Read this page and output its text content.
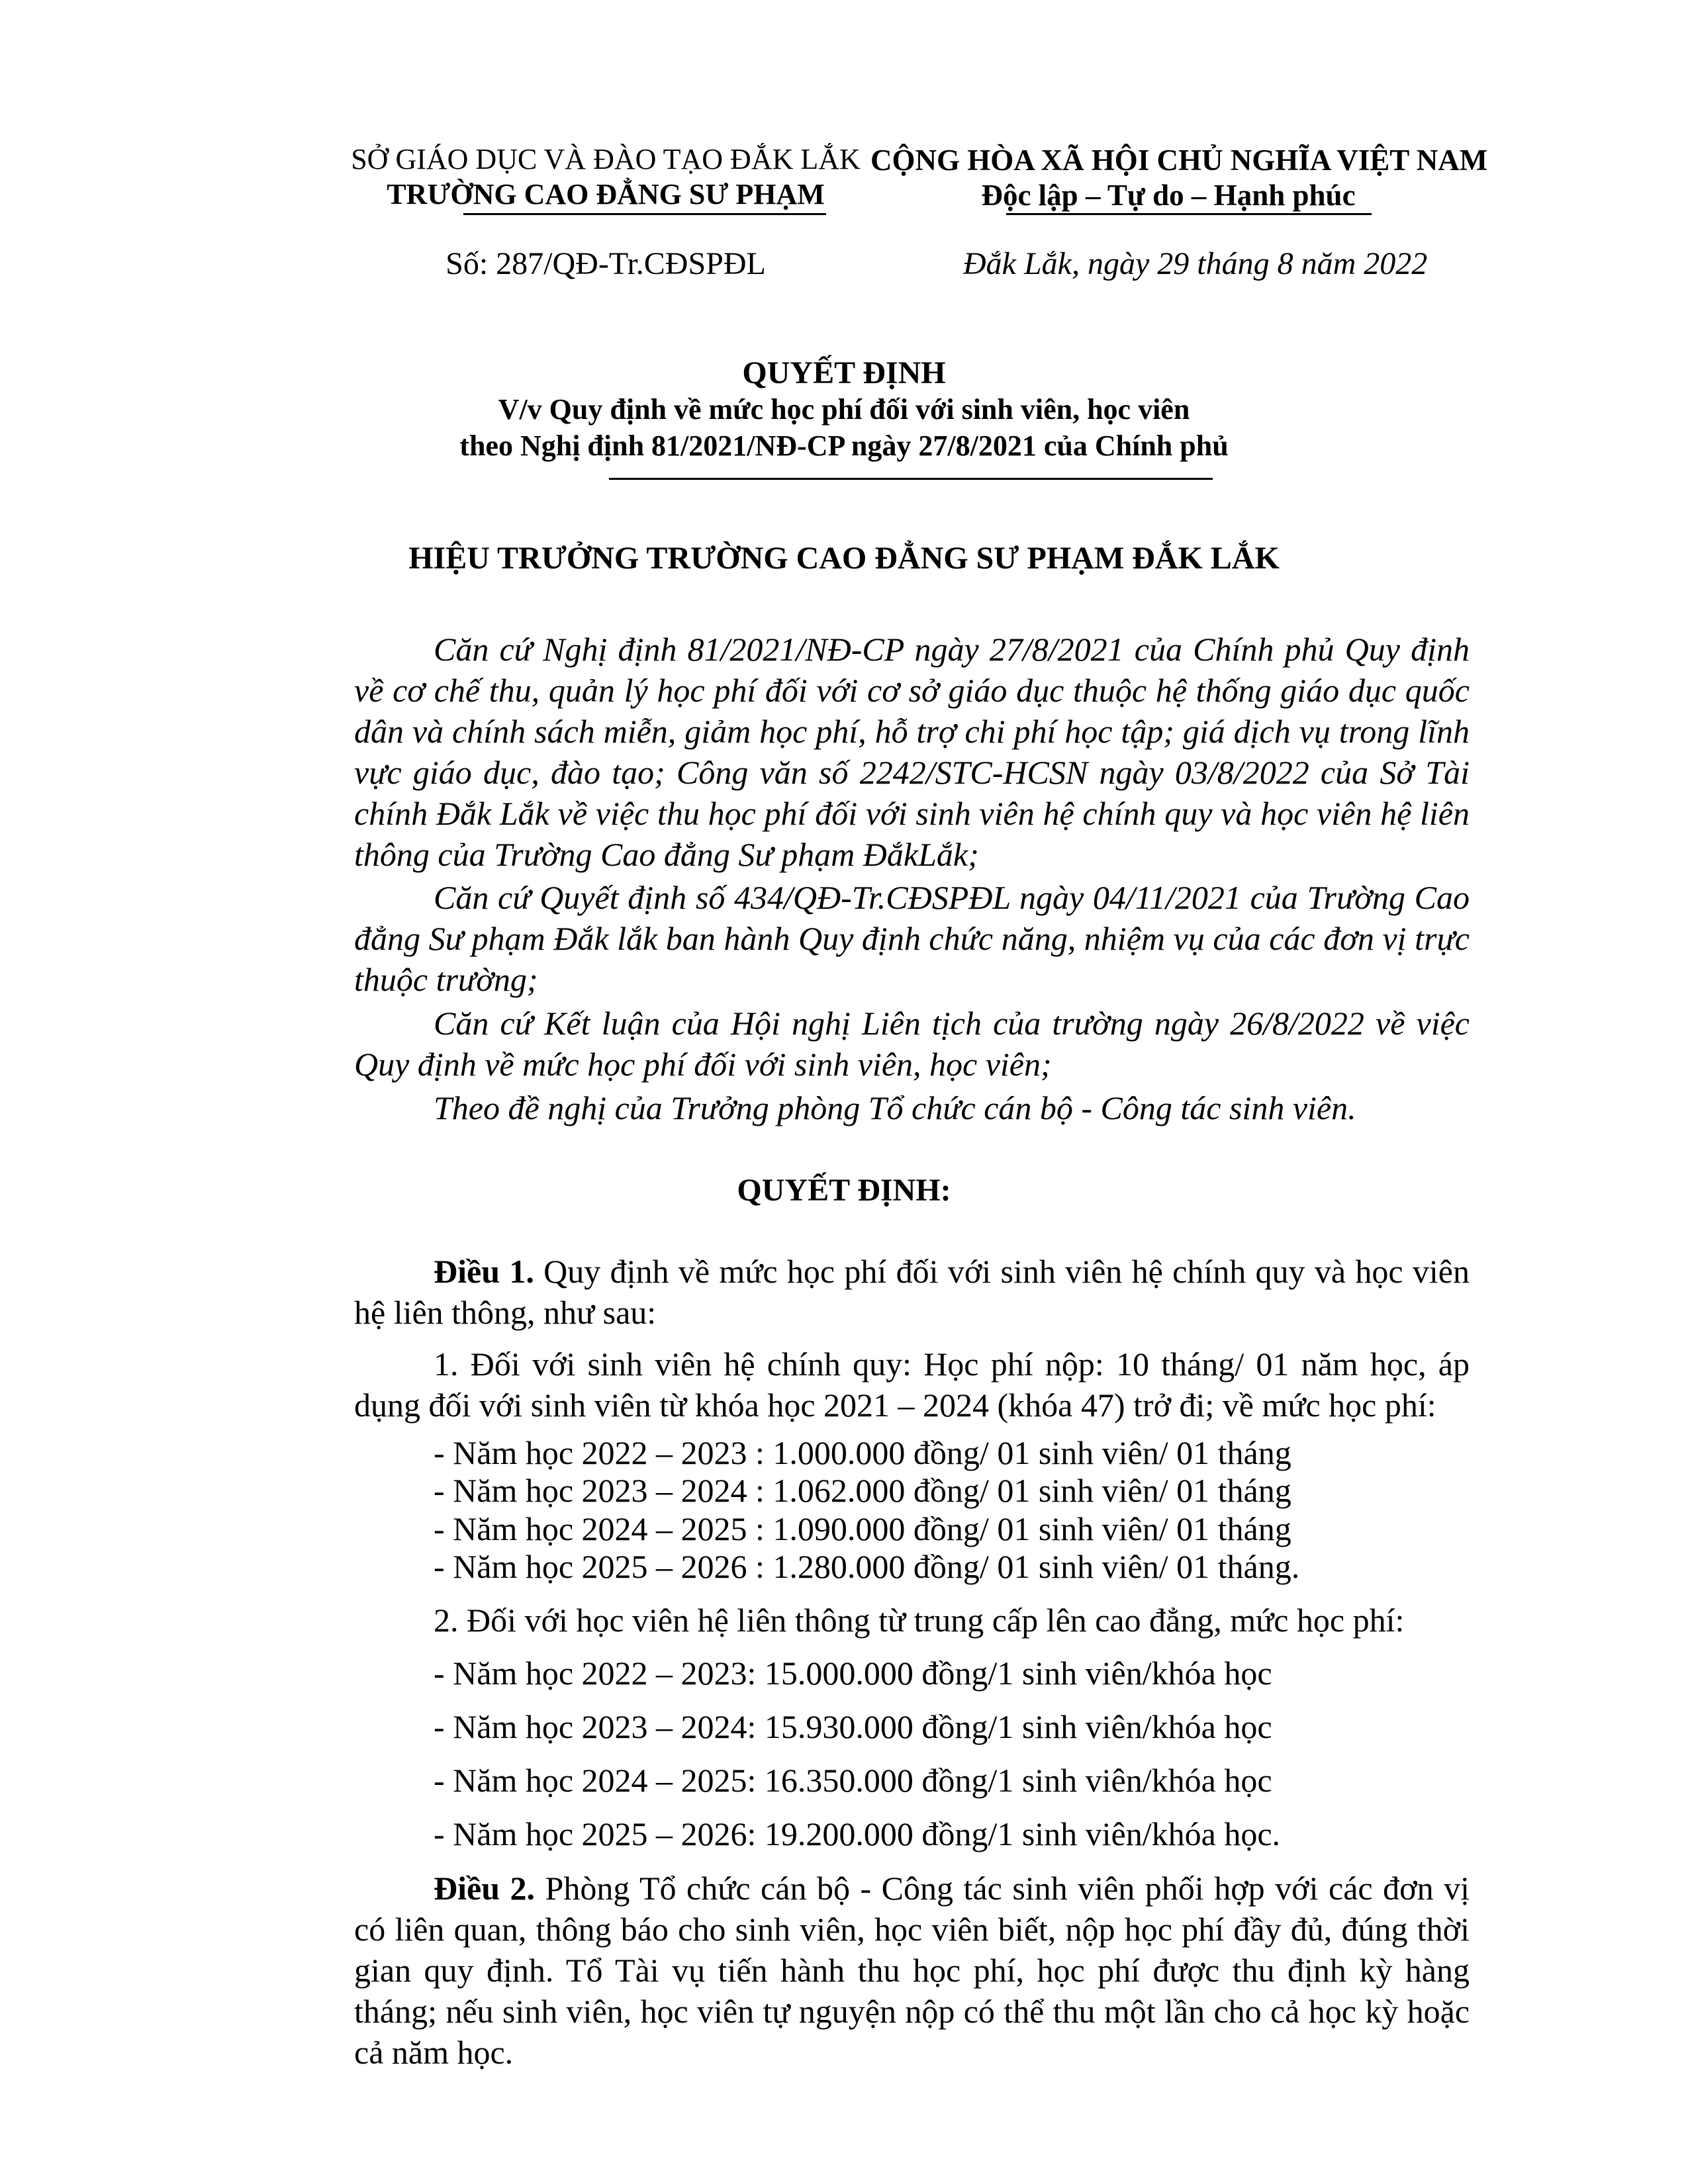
SỞ GIÁO DỤC VÀ ĐÀO TẠO ĐẮK LẮK
TRƯỜNG CAO ĐẲNG SƯ PHẠM
CỘNG HÒA XÃ HỘI CHỦ NGHĨA VIỆT NAM
Độc lập – Tự do – Hạnh phúc
Số: 287/QĐ-Tr.CĐSPĐL	Đắk Lắk, ngày 29 tháng 8 năm 2022
QUYẾT ĐỊNH
V/v Quy định về mức học phí đối với sinh viên, học viên
theo Nghị định 81/2021/NĐ-CP ngày 27/8/2021 của Chính phủ
HIỆU TRƯỞNG TRƯỜNG CAO ĐẲNG SƯ PHẠM ĐẮK LẮK

Căn cứ Nghị định 81/2021/NĐ-CP ngày 27/8/2021 của Chính phủ Quy định về cơ chế thu, quản lý học phí đối với cơ sở giáo dục thuộc hệ thống giáo dục quốc dân và chính sách miễn, giảm học phí, hỗ trợ chi phí học tập; giá dịch vụ trong lĩnh vực giáo dục, đào tạo; Công văn số 2242/STC-HCSN ngày 03/8/2022 của Sở Tài chính Đắk Lắk về việc thu học phí đối với sinh viên hệ chính quy và học viên hệ liên thông của Trường Cao đẳng Sư phạm ĐắkLắk;

Căn cứ Quyết định số 434/QĐ-Tr.CĐSPĐL ngày 04/11/2021 của Trường Cao đẳng Sư phạm Đắk lắk ban hành Quy định chức năng, nhiệm vụ của các đơn vị trực thuộc trường;

Căn cứ Kết luận của Hội nghị Liên tịch của trường ngày 26/8/2022 về việc Quy định về mức học phí đối với sinh viên, học viên;

Theo đề nghị của Trưởng phòng Tổ chức cán bộ - Công tác sinh viên.

QUYẾT ĐỊNH:

Điều 1. Quy định về mức học phí đối với sinh viên hệ chính quy và học viên hệ liên thông, như sau:

1. Đối với sinh viên hệ chính quy: Học phí nộp: 10 tháng/ 01 năm học, áp dụng đối với sinh viên từ khóa học 2021 – 2024 (khóa 47) trở đi; về mức học phí:

- Năm học 2022 – 2023 : 1.000.000 đồng/ 01 sinh viên/ 01 tháng
- Năm học 2023 – 2024 : 1.062.000 đồng/ 01 sinh viên/ 01 tháng
- Năm học 2024 – 2025 : 1.090.000 đồng/ 01 sinh viên/ 01 tháng
- Năm học 2025 – 2026 : 1.280.000 đồng/ 01 sinh viên/ 01 tháng.
2. Đối với học viên hệ liên thông từ trung cấp lên cao đẳng, mức học phí:
- Năm học 2022 – 2023: 15.000.000 đồng/1 sinh viên/khóa học
- Năm học 2023 – 2024: 15.930.000 đồng/1 sinh viên/khóa học
- Năm học 2024 – 2025: 16.350.000 đồng/1 sinh viên/khóa học
- Năm học 2025 – 2026: 19.200.000 đồng/1 sinh viên/khóa học.

Điều 2. Phòng Tổ chức cán bộ - Công tác sinh viên phối hợp với các đơn vị có liên quan, thông báo cho sinh viên, học viên biết, nộp học phí đầy đủ, đúng thời gian quy định. Tổ Tài vụ tiến hành thu học phí, học phí được thu định kỳ hàng tháng; nếu sinh viên, học viên tự nguyện nộp có thể thu một lần cho cả học kỳ hoặc cả năm học.
